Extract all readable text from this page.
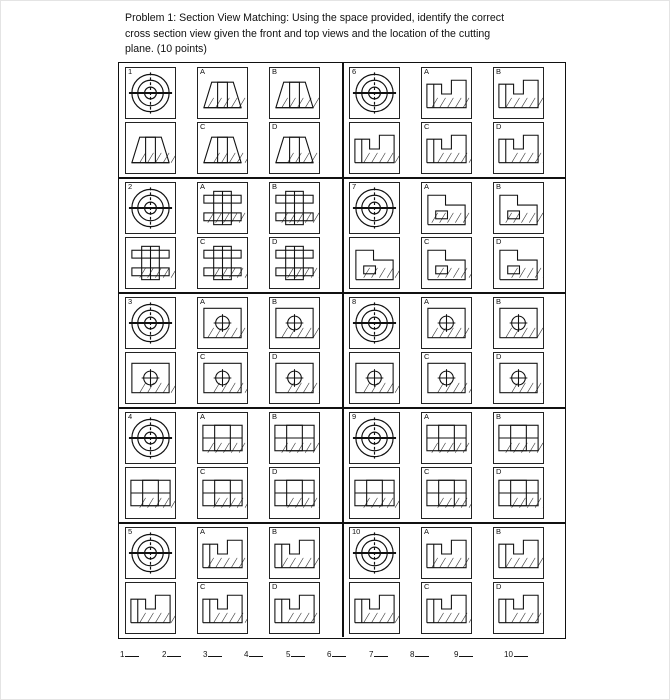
Problem 1: Section View Matching: Using the space provided, identify the correct
cross section view given the front and top views and the location of the cutting
plane. (10 points)
1	A	B
C	D
2	A	B
C	D
3	A	B
C	D
4	A	B
C	D
5	A	B
C	D
6	A	B
C	D
7	A	B
C	D
8	A	B
C	D
9	A	B
C	D
10	A	B
C	D
1	2	3	4	5	6	7	8	9	10
